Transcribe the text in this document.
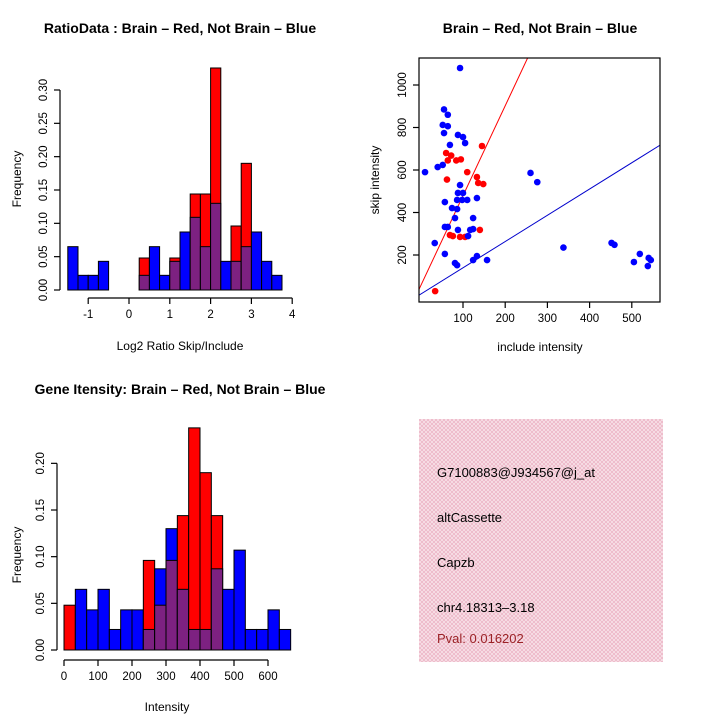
RatioData : Brain – Red, Not Brain – Blue
Frequency
Log2 Ratio Skip/Include
-1	0	1	2	3	4
0.00
0.05
0.10
0.15
0.20
0.25
0.30
Brain – Red, Not Brain – Blue
skip intensity
include intensity
100 200 300 400 500
200
400
600
800
1000
Gene Itensity: Brain – Red, Not Brain – Blue
Frequency
Intensity
0 100 200 300 400 500 600
0.00
0.05
0.10
0.15
0.20	G7100883@J934567@j_at
altCassette
Capzb
chr4.18313–3.18
Pval: 0.016202
